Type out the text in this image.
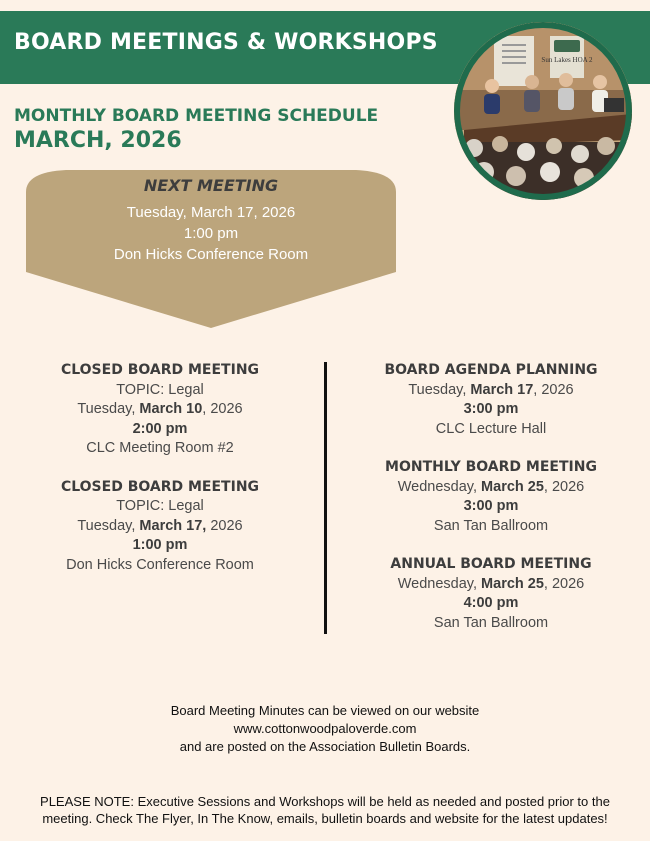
BOARD MEETINGS & WORKSHOPS
Sun Lakes HOA 2
MONTHLY BOARD MEETING SCHEDULE
MARCH, 2026
NEXT MEETING
Tuesday, March 17, 2026
1:00 pm
Don Hicks Conference Room
CLOSED BOARD MEETING
TOPIC: Legal
Tuesday, March 10, 2026
2:00 pm
CLC Meeting Room #2
CLOSED BOARD MEETING
TOPIC: Legal
Tuesday, March 17, 2026
1:00 pm
Don Hicks Conference Room
BOARD AGENDA PLANNING
Tuesday, March 17, 2026
3:00 pm
CLC Lecture Hall
MONTHLY BOARD MEETING
Wednesday, March 25, 2026
3:00 pm
San Tan Ballroom
ANNUAL BOARD MEETING
Wednesday, March 25, 2026
4:00 pm
San Tan Ballroom
Board Meeting Minutes can be viewed on our website
www.cottonwoodpaloverde.com
and are posted on the Association Bulletin Boards.
PLEASE NOTE: Executive Sessions and Workshops will be held as needed and posted prior to the meeting. Check The Flyer, In The Know, emails, bulletin boards and website for the latest updates!
